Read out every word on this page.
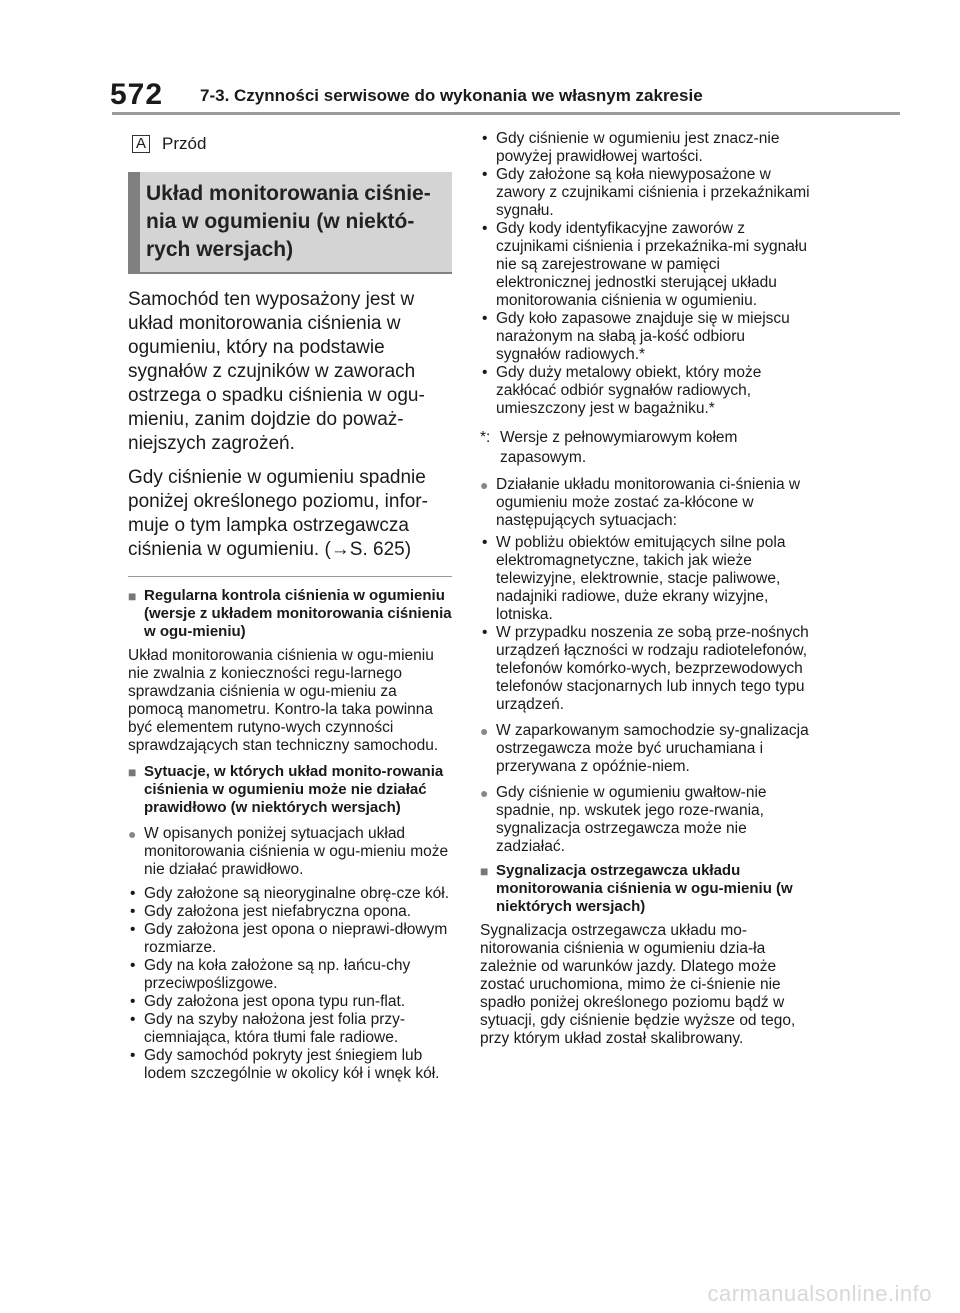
572 7-3. Czynności serwisowe do wykonania we własnym zakresie
A Przód
Układ monitorowania ciśnie-nia w ogumieniu (w niektó-rych wersjach)

Samochód ten wyposażony jest w układ monitorowania ciśnienia w ogumieniu, który na podstawie sygnałów z czujników w zaworach ostrzega o spadku ciśnienia w ogu-mieniu, zanim dojdzie do poważ-niejszych zagrożeń.

Gdy ciśnienie w ogumieniu spadnie poniżej określonego poziomu, infor-muje o tym lampka ostrzegawcza ciśnienia w ogumieniu. (→S. 625)

■ Regularna kontrola ciśnienia w ogumieniu (wersje z układem monitorowania ciśnienia w ogu-mieniu)

Układ monitorowania ciśnienia w ogu-mieniu nie zwalnia z konieczności regu-larnego sprawdzania ciśnienia w ogu-mieniu za pomocą manometru. Kontro-la taka powinna być elementem rutyno-wych czynności sprawdzających stan techniczny samochodu.

■ Sytuacje, w których układ monito-rowania ciśnienia w ogumieniu może nie działać prawidłowo (w niektórych wersjach)
● W opisanych poniżej sytuacjach układ monitorowania ciśnienia w ogu-mieniu może nie działać prawidłowo.
• Gdy założone są nieoryginalne obrę-cze kół.
• Gdy założona jest niefabryczna opona.
• Gdy założona jest opona o nieprawi-dłowym rozmiarze.
• Gdy na koła założone są np. łańcu-chy przeciwpoślizgowe.
• Gdy założona jest opona typu run-flat.
• Gdy na szyby nałożona jest folia przy-ciemniająca, która tłumi fale radiowe.
• Gdy samochód pokryty jest śniegiem lub lodem szczególnie w okolicy kół i wnęk kół.
• Gdy ciśnienie w ogumieniu jest znacz-nie powyżej prawidłowej wartości.
• Gdy założone są koła niewyposażone w zawory z czujnikami ciśnienia i przekaźnikami sygnału.
• Gdy kody identyfikacyjne zaworów z czujnikami ciśnienia i przekaźnika-mi sygnału nie są zarejestrowane w pamięci elektronicznej jednostki sterującej układu monitorowania ciśnienia w ogumieniu.
• Gdy koło zapasowe znajduje się w miejscu narażonym na słabą ja-kość odbioru sygnałów radiowych.*
• Gdy duży metalowy obiekt, który może zakłócać odbiór sygnałów radiowych, umieszczony jest w bagażniku.*
*: Wersje z pełnowymiarowym kołem zapasowym.
● Działanie układu monitorowania ci-śnienia w ogumieniu może zostać za-kłócone w następujących sytuacjach:
• W pobliżu obiektów emitujących silne pola elektromagnetyczne, takich jak wieże telewizyjne, elektrownie, stacje paliwowe, nadajniki radiowe, duże ekrany wizyjne, lotniska.
• W przypadku noszenia ze sobą prze-nośnych urządzeń łączności w rodzaju radiotelefonów, telefonów komórko-wych, bezprzewodowych telefonów stacjonarnych lub innych tego typu urządzeń.
● W zaparkowanym samochodzie sy-gnalizacja ostrzegawcza może być uruchamiana i przerywana z opóźnie-niem.
● Gdy ciśnienie w ogumieniu gwałtow-nie spadnie, np. wskutek jego roze-rwania, sygnalizacja ostrzegawcza może nie zadziałać.
■ Sygnalizacja ostrzegawcza układu monitorowania ciśnienia w ogu-mieniu (w niektórych wersjach)

Sygnalizacja ostrzegawcza układu mo-nitorowania ciśnienia w ogumieniu dzia-ła zależnie od warunków jazdy. Dlatego może zostać uruchomiona, mimo że ci-śnienie nie spadło poniżej określonego poziomu bądź w sytuacji, gdy ciśnienie będzie wyższe od tego, przy którym układ został skalibrowany.

carmanualsonline.info
